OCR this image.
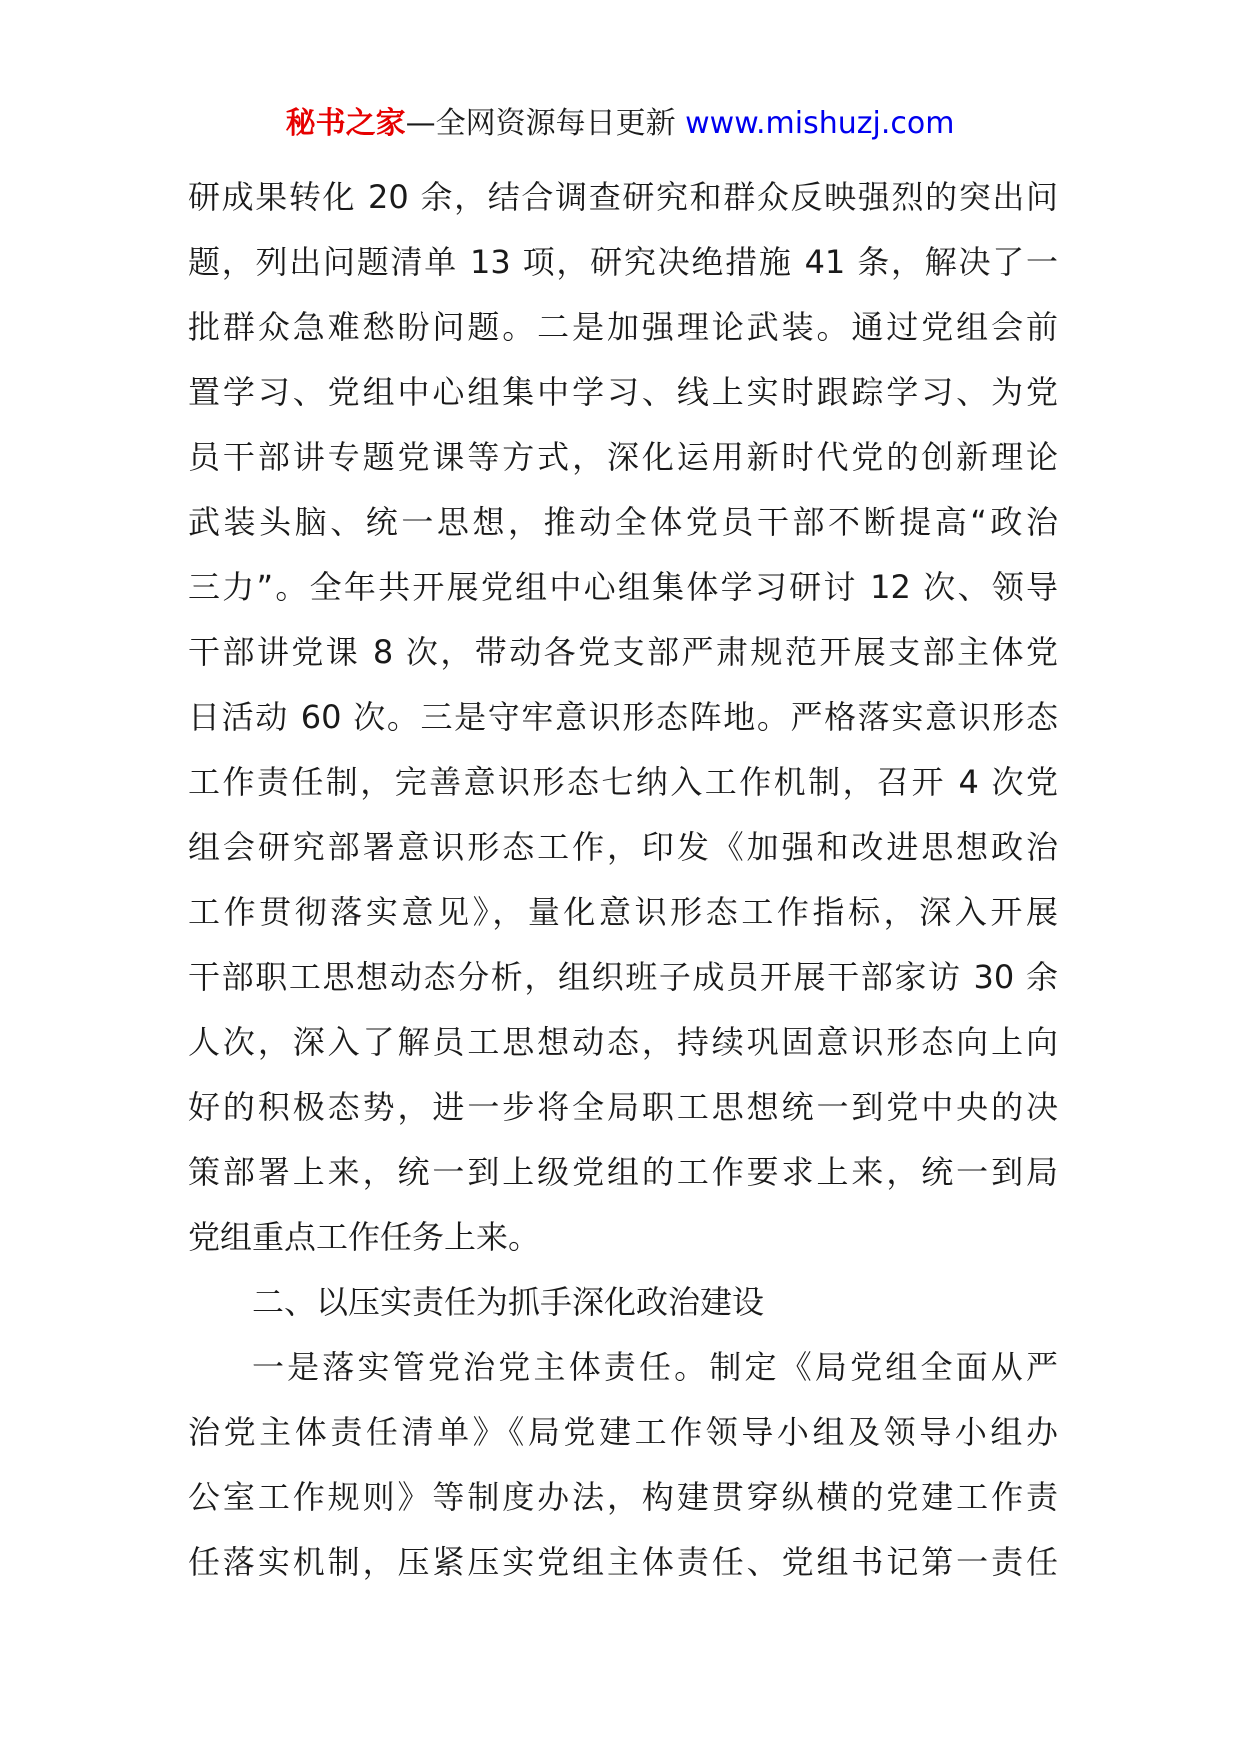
秘书之家—全网资源每日更新 www.mishuzj.com
研成果转化 20 余，结合调查研究和群众反映强烈的突出问
题，列出问题清单 13 项，研究决绝措施 41 条，解决了一
批群众急难愁盼问题。二是加强理论武装。通过党组会前
置学习、党组中心组集中学习、线上实时跟踪学习、为党
员干部讲专题党课等方式，深化运用新时代党的创新理论
武装头脑、统一思想，推动全体党员干部不断提高“政治
三力”。全年共开展党组中心组集体学习研讨 12 次、领导
干部讲党课 8 次，带动各党支部严肃规范开展支部主体党
日活动 60 次。三是守牢意识形态阵地。严格落实意识形态
工作责任制，完善意识形态七纳入工作机制，召开 4 次党
组会研究部署意识形态工作，印发《加强和改进思想政治
工作贯彻落实意见》，量化意识形态工作指标，深入开展
干部职工思想动态分析，组织班子成员开展干部家访 30 余
人次，深入了解员工思想动态，持续巩固意识形态向上向
好的积极态势，进一步将全局职工思想统一到党中央的决
策部署上来，统一到上级党组的工作要求上来，统一到局
党组重点工作任务上来。
二、以压实责任为抓手深化政治建设
一是落实管党治党主体责任。制定《局党组全面从严
治党主体责任清单》《局党建工作领导小组及领导小组办
公室工作规则》等制度办法，构建贯穿纵横的党建工作责
任落实机制，压紧压实党组主体责任、党组书记第一责任
